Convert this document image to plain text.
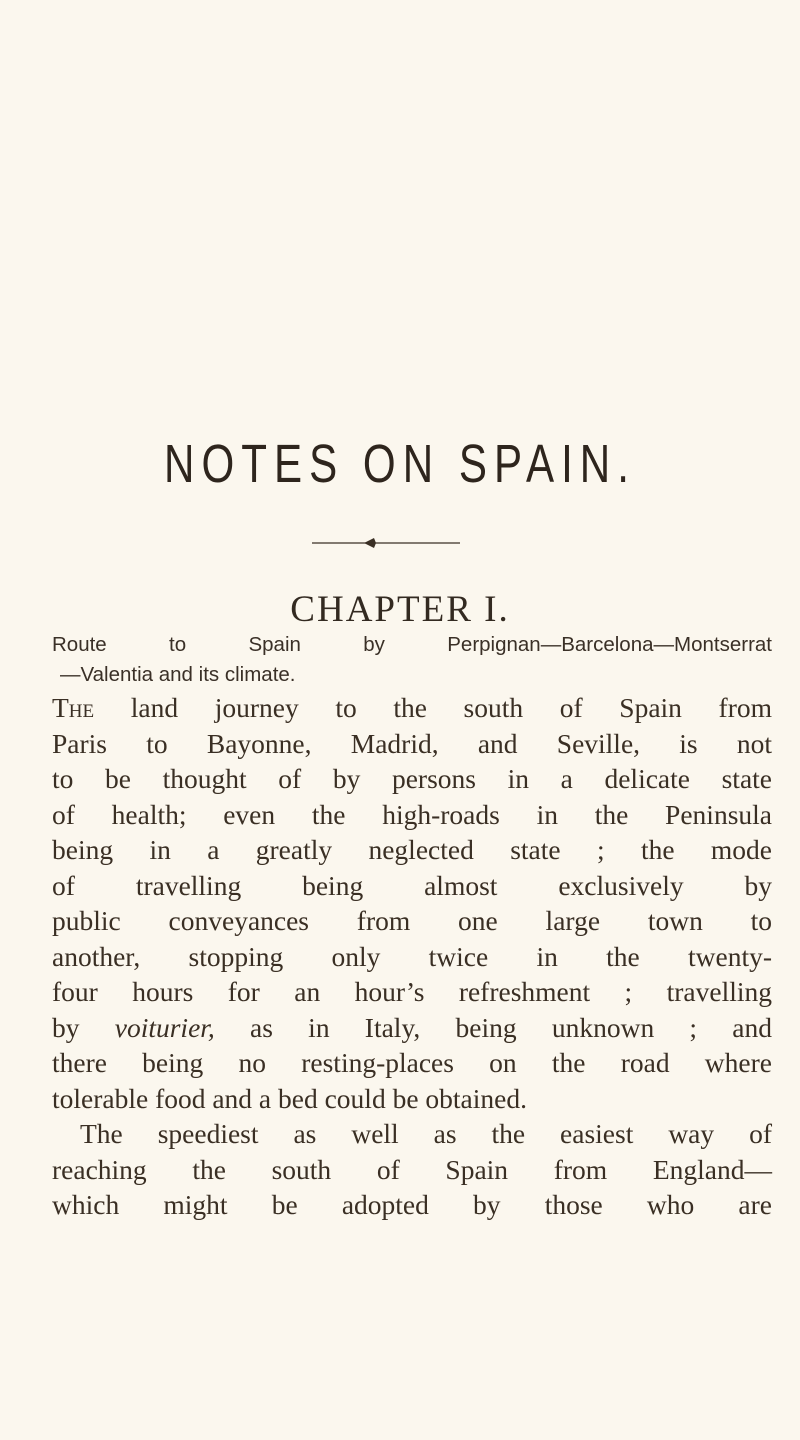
NOTES ON SPAIN.
CHAPTER I.
Route to Spain by Perpignan—Barcelona—Montserrat
—Valentia and its climate.
The land journey to the south of Spain from
Paris to Bayonne, Madrid, and Seville, is not
to be thought of by persons in a delicate state
of health; even the high-roads in the Peninsula
being in a greatly neglected state ; the mode
of travelling being almost exclusively by
public conveyances from one large town to
another, stopping only twice in the twenty-
four hours for an hour’s refreshment ; travelling
by voiturier, as in Italy, being unknown ; and
there being no resting-places on the road where
tolerable food and a bed could be obtained.
The speediest as well as the easiest way of
reaching the south of Spain from England—
which might be adopted by those who are
